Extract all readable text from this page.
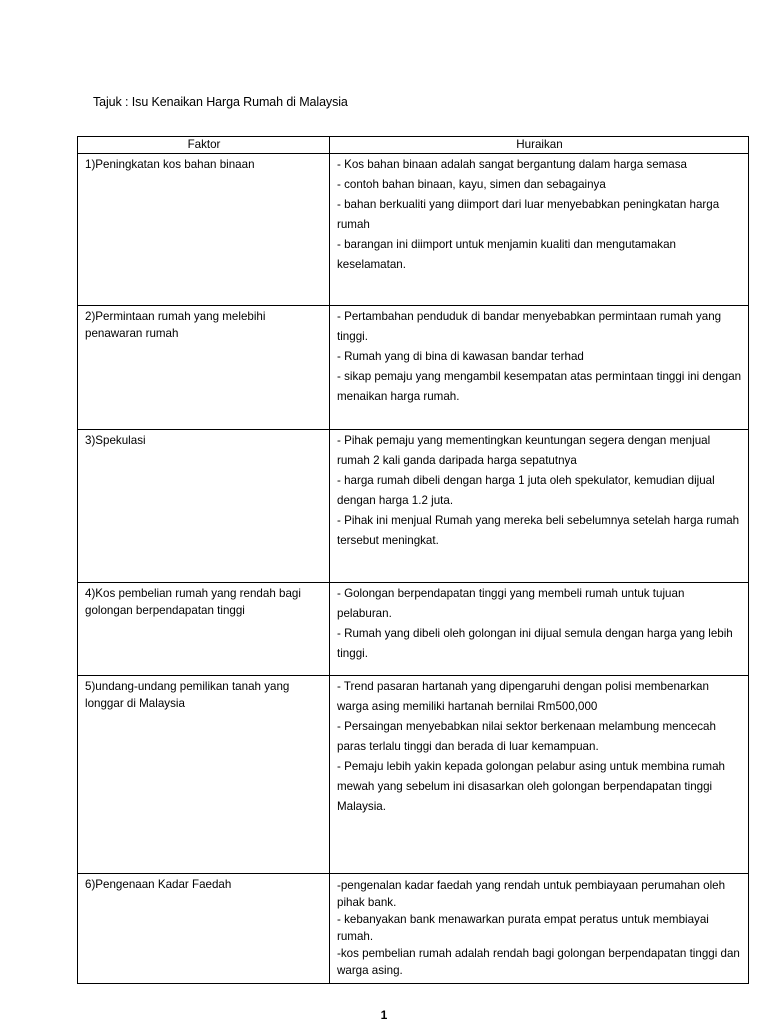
Tajuk : Isu Kenaikan Harga Rumah di Malaysia
Faktor	Huraikan
1)Peningkatan kos bahan binaan	- Kos bahan binaan adalah sangat bergantung dalam harga semasa
- contoh bahan binaan, kayu, simen dan sebagainya
- bahan berkualiti yang diimport dari luar menyebabkan peningkatan harga rumah
- barangan ini diimport untuk menjamin kualiti dan mengutamakan keselamatan.

2)Permintaan rumah yang melebihi penawaran rumah	- Pertambahan penduduk di bandar menyebabkan permintaan rumah yang tinggi.
- Rumah yang di bina di kawasan bandar terhad
- sikap pemaju yang mengambil kesempatan atas permintaan tinggi ini dengan menaikan harga rumah.

3)Spekulasi	- Pihak pemaju yang mementingkan keuntungan segera dengan menjual rumah 2 kali ganda daripada harga sepatutnya
- harga rumah dibeli dengan harga 1 juta oleh spekulator, kemudian dijual dengan harga 1.2 juta.
- Pihak ini menjual Rumah yang mereka beli sebelumnya setelah harga rumah tersebut meningkat.

4)Kos pembelian rumah yang rendah bagi golongan berpendapatan tinggi	- Golongan berpendapatan tinggi yang membeli rumah untuk tujuan pelaburan.
- Rumah yang dibeli oleh golongan ini dijual semula dengan harga yang lebih tinggi.

5)undang-undang pemilikan tanah yang longgar di Malaysia	- Trend pasaran hartanah yang dipengaruhi dengan polisi membenarkan warga asing memiliki hartanah bernilai Rm500,000
- Persaingan menyebabkan nilai sektor berkenaan melambung mencecah paras terlalu tinggi dan berada di luar kemampuan.
- Pemaju lebih yakin kepada golongan pelabur asing untuk membina rumah mewah yang sebelum ini disasarkan oleh golongan berpendapatan tinggi Malaysia.

6)Pengenaan Kadar Faedah	-pengenalan kadar faedah yang rendah untuk pembiayaan perumahan oleh pihak bank.
- kebanyakan bank menawarkan purata empat peratus untuk membiayai rumah.
-kos pembelian rumah adalah rendah bagi golongan berpendapatan tinggi dan warga asing.
1
